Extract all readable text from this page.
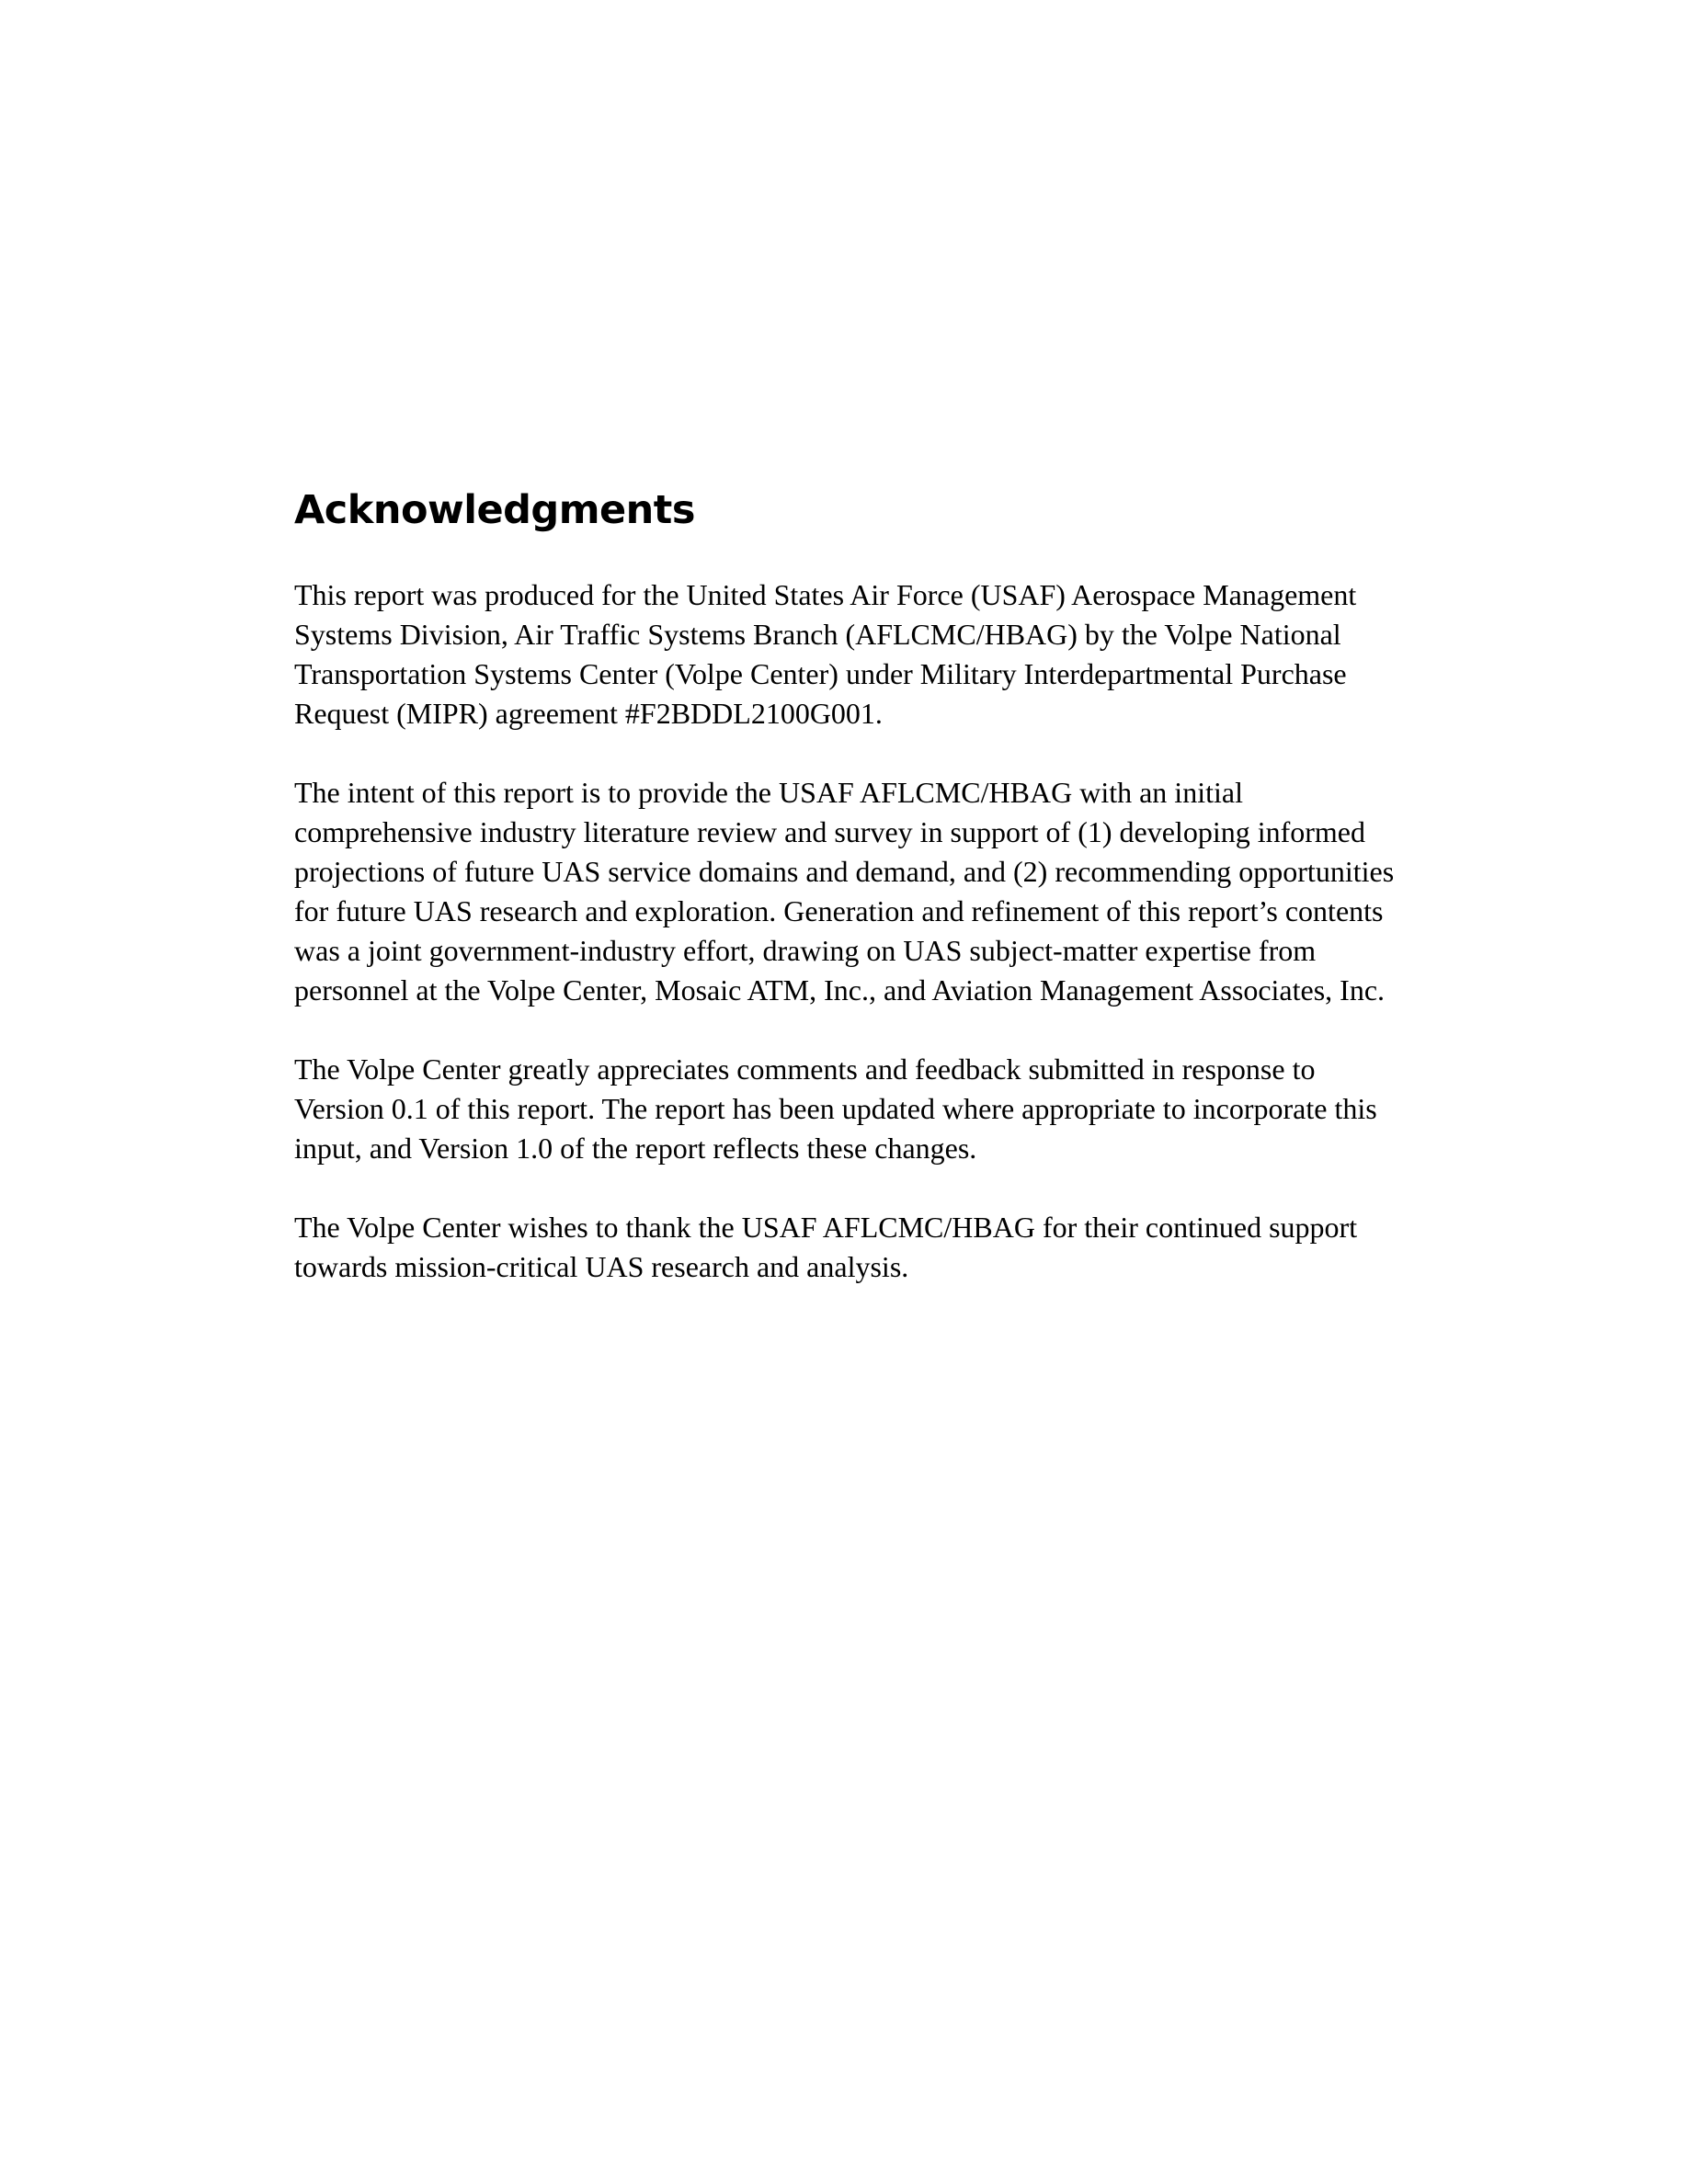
Acknowledgments

This report was produced for the United States Air Force (USAF) Aerospace Management
Systems Division, Air Traffic Systems Branch (AFLCMC/HBAG) by the Volpe National
Transportation Systems Center (Volpe Center) under Military Interdepartmental Purchase
Request (MIPR) agreement #F2BDDL2100G001.

The intent of this report is to provide the USAF AFLCMC/HBAG with an initial
comprehensive industry literature review and survey in support of (1) developing informed
projections of future UAS service domains and demand, and (2) recommending opportunities
for future UAS research and exploration. Generation and refinement of this report’s contents
was a joint government-industry effort, drawing on UAS subject-matter expertise from
personnel at the Volpe Center, Mosaic ATM, Inc., and Aviation Management Associates, Inc.

The Volpe Center greatly appreciates comments and feedback submitted in response to
Version 0.1 of this report. The report has been updated where appropriate to incorporate this
input, and Version 1.0 of the report reflects these changes.

The Volpe Center wishes to thank the USAF AFLCMC/HBAG for their continued support
towards mission-critical UAS research and analysis.
